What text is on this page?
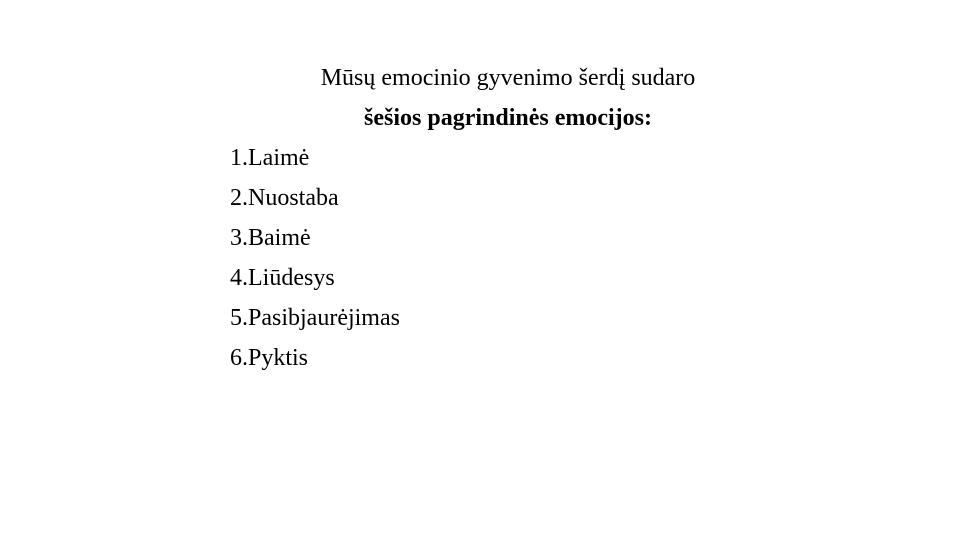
Mūsų emocinio gyvenimo šerdį sudaro
šešios pagrindinės emocijos:
1. Laimė
2. Nuostaba
3. Baimė
4. Liūdesys
5. Pasibjaurėjimas
6. Pyktis
